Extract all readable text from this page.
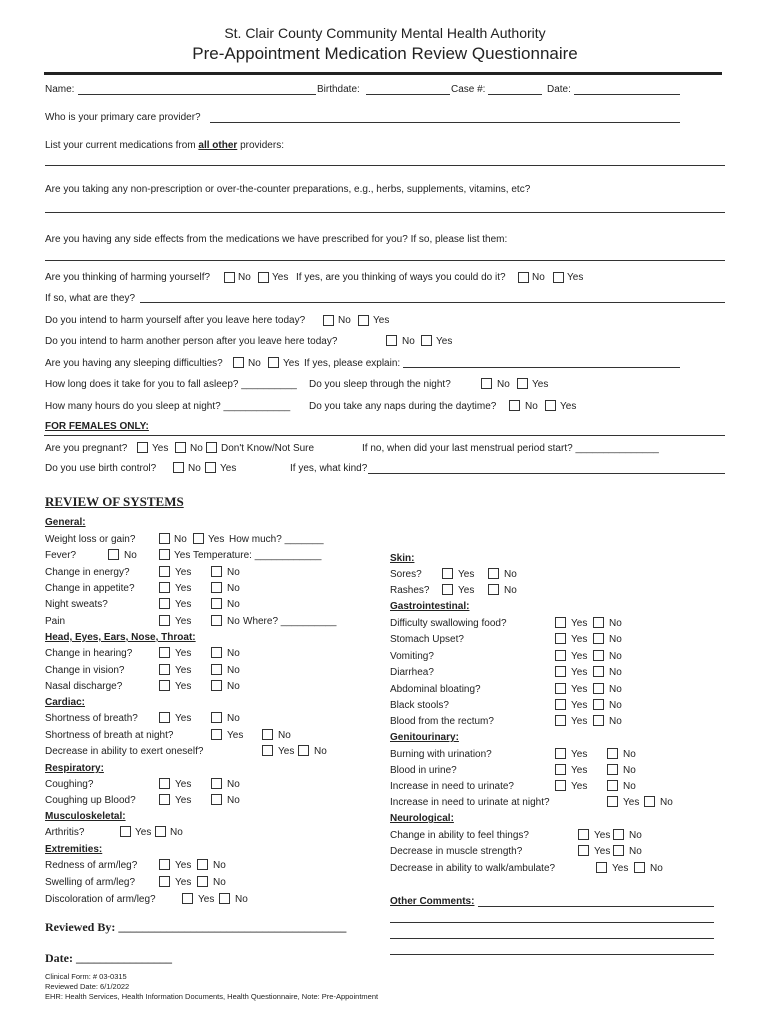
St. Clair County Community Mental Health Authority
Pre-Appointment Medication Review Questionnaire
Name:	Birthdate:	Case #:	Date:
Who is your primary care provider?
List your current medications from all other providers:
Are you taking any non-prescription or over-the-counter preparations, e.g., herbs, supplements, vitamins, etc?
Are you having any side effects from the medications we have prescribed for you? If so, please list them:
Are you thinking of harming yourself?	No Yes If yes, are you thinking of ways you could do it?	No Yes
If so, what are they?
Do you intend to harm yourself after you leave here today?	No Yes
Do you intend to harm another person after you leave here today?	No Yes
Are you having any sleeping difficulties?	No Yes If yes, please explain:
How long does it take for you to fall asleep? __________ Do you sleep through the night?	No Yes
How many hours do you sleep at night? ____________ Do you take any naps during the daytime?	No Yes
FOR FEMALES ONLY:
Are you pregnant? Yes No Don't Know/Not Sure	If no, when did your last menstrual period start? _______________
Do you use birth control?	No Yes	If yes, what kind?
REVIEW OF SYSTEMS
General:
Weight loss or gain?	No Yes How much? _______
Fever?	No	Yes Temperature: ____________
Change in energy?	Yes	No
Change in appetite?	Yes	No
Night sweats?	Yes	No
Pain	Yes	No Where? __________
Head, Eyes, Ears, Nose, Throat:
Change in hearing?	Yes	No
Change in vision?	Yes	No
Nasal discharge?	Yes	No
Cardiac:
Shortness of breath?	Yes	No
Shortness of breath at night?	Yes	No
Decrease in ability to exert oneself?	Yes No
Respiratory:
Coughing?	Yes	No
Coughing up Blood?	Yes	No
Musculoskeletal:
Arthritis?	Yes No
Extremities:
Redness of arm/leg?	Yes No
Swelling of arm/leg?	Yes No
Discoloration of arm/leg?	Yes No
Skin:
Sores?	Yes	No
Rashes?	Yes	No
Gastrointestinal:
Difficulty swallowing food?	Yes No
Stomach Upset?	Yes No
Vomiting?	Yes No
Diarrhea?	Yes No
Abdominal bloating?	Yes No
Black stools?	Yes No
Blood from the rectum?	Yes No
Genitourinary:
Burning with urination?	Yes	No
Blood in urine?	Yes	No
Increase in need to urinate?	Yes	No
Increase in need to urinate at night?	Yes No
Neurological:
Change in ability to feel things?	Yes No
Decrease in muscle strength?	Yes No
Decrease in ability to walk/ambulate?	Yes No
Other Comments:
Reviewed By: ______________________________________
Date: ________________
Clinical Form: # 03-0315
Reviewed Date: 6/1/2022
EHR: Health Services, Health Information Documents, Health Questionnaire, Note: Pre-Appointment
